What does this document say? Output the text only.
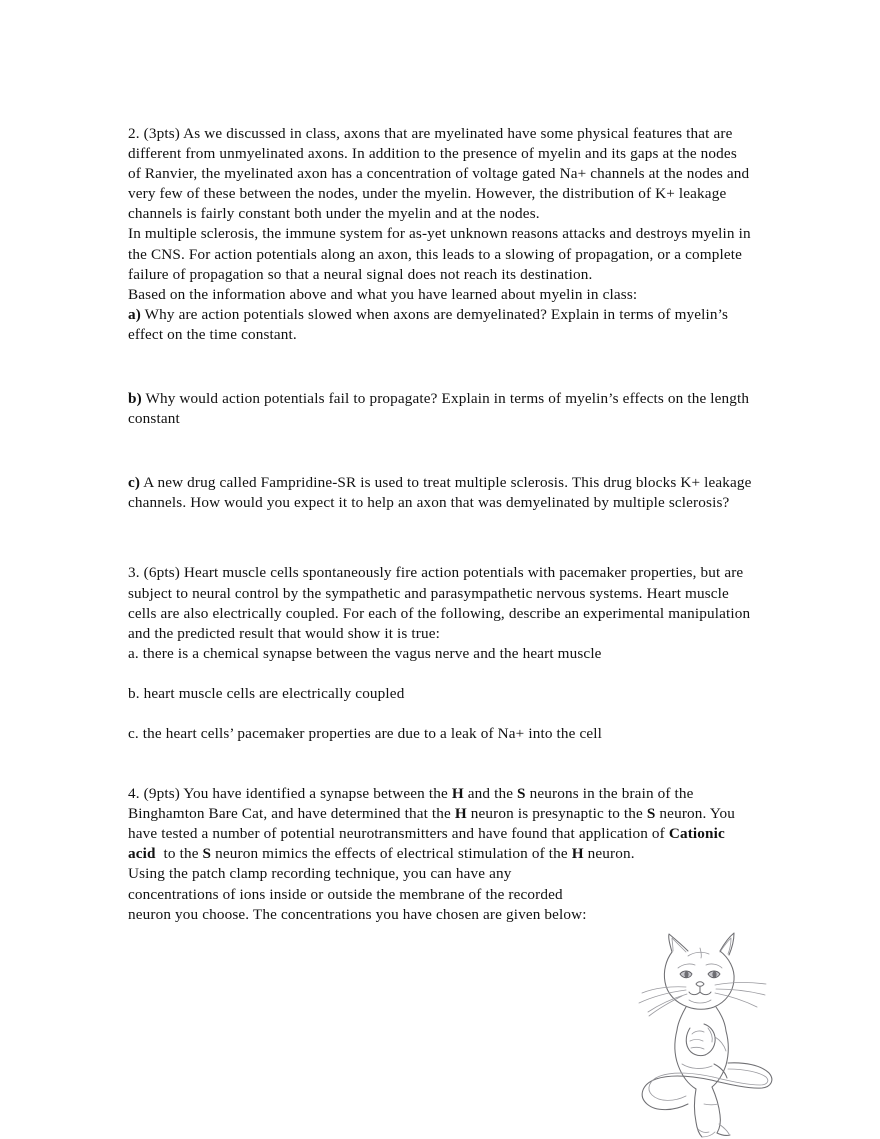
2. (3pts) As we discussed in class, axons that are myelinated have some physical features that are different from unmyelinated axons. In addition to the presence of myelin and its gaps at the nodes of Ranvier, the myelinated axon has a concentration of voltage gated Na+ channels at the nodes and very few of these between the nodes, under the myelin. However, the distribution of K+ leakage channels is fairly constant both under the myelin and at the nodes.

In multiple sclerosis, the immune system for as-yet unknown reasons attacks and destroys myelin in the CNS. For action potentials along an axon, this leads to a slowing of propagation, or a complete failure of propagation so that a neural signal does not reach its destination.

Based on the information above and what you have learned about myelin in class:

a) Why are action potentials slowed when axons are demyelinated? Explain in terms of myelin’s effect on the time constant.

b) Why would action potentials fail to propagate? Explain in terms of myelin’s effects on the length constant

c) A new drug called Fampridine-SR is used to treat multiple sclerosis. This drug blocks K+ leakage channels. How would you expect it to help an axon that was demyelinated by multiple sclerosis?

3. (6pts) Heart muscle cells spontaneously fire action potentials with pacemaker properties, but are subject to neural control by the sympathetic and parasympathetic nervous systems. Heart muscle cells are also electrically coupled. For each of the following, describe an experimental manipulation and the predicted result that would show it is true:

a. there is a chemical synapse between the vagus nerve and the heart muscle

b. heart muscle cells are electrically coupled

c. the heart cells’ pacemaker properties are due to a leak of Na+ into the cell

4. (9pts) You have identified a synapse between the H and the S neurons in the brain of the Binghamton Bare Cat, and have determined that the H neuron is presynaptic to the S neuron. You have tested a number of potential neurotransmitters and have found that application of Cationic acid  to the S neuron mimics the effects of electrical stimulation of the H neuron.

Using the patch clamp recording technique, you can have any concentrations of ions inside or outside the membrane of the recorded neuron you choose. The concentrations you have chosen are given below:
